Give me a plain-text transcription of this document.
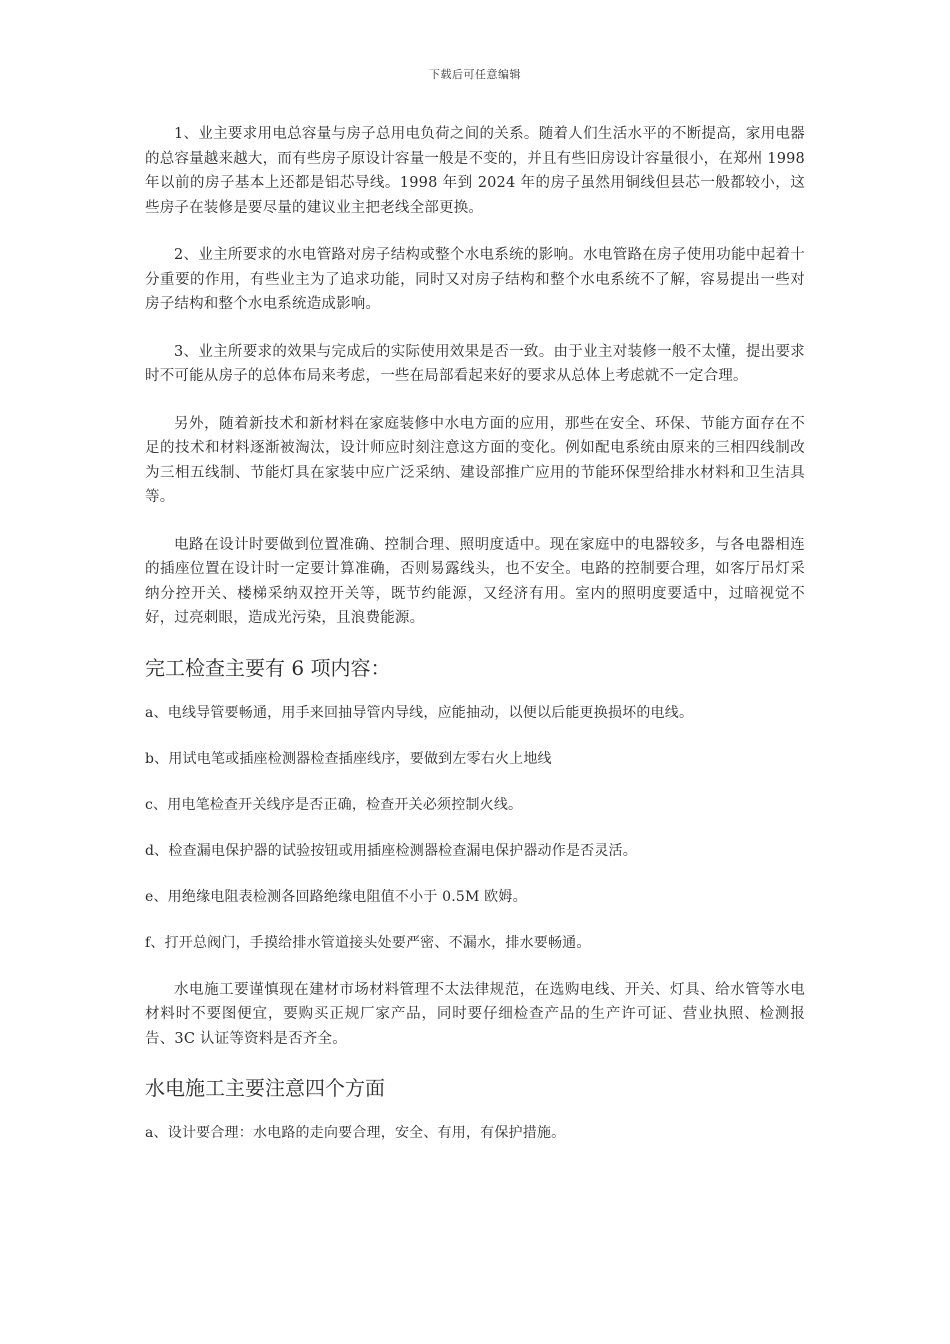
下载后可任意编辑

1、业主要求用电总容量与房子总用电负荷之间的关系。随着人们生活水平的不断提高，家用电器的总容量越来越大，而有些房子原设计容量一般是不变的，并且有些旧房设计容量很小，在郑州 1998 年以前的房子基本上还都是铝芯导线。1998 年到 2024 年的房子虽然用铜线但县芯一般都较小，这些房子在装修是要尽量的建议业主把老线全部更换。

2、业主所要求的水电管路对房子结构或整个水电系统的影响。水电管路在房子使用功能中起着十分重要的作用，有些业主为了追求功能，同时又对房子结构和整个水电系统不了解，容易提出一些对房子结构和整个水电系统造成影响。

3、业主所要求的效果与完成后的实际使用效果是否一致。由于业主对装修一般不太懂，提出要求时不可能从房子的总体布局来考虑，一些在局部看起来好的要求从总体上考虑就不一定合理。

另外，随着新技术和新材料在家庭装修中水电方面的应用，那些在安全、环保、节能方面存在不足的技术和材料逐渐被淘汰，设计师应时刻注意这方面的变化。例如配电系统由原来的三相四线制改为三相五线制、节能灯具在家装中应广泛采纳、建设部推广应用的节能环保型给排水材料和卫生洁具等。

电路在设计时要做到位置准确、控制合理、照明度适中。现在家庭中的电器较多，与各电器相连的插座位置在设计时一定要计算准确，否则易露线头，也不安全。电路的控制要合理，如客厅吊灯采纳分控开关、楼梯采纳双控开关等，既节约能源，又经济有用。室内的照明度要适中，过暗视觉不好，过亮刺眼，造成光污染，且浪费能源。

完工检查主要有 6 项内容：

a、电线导管要畅通，用手来回抽导管内导线，应能抽动，以便以后能更换损坏的电线。

b、用试电笔或插座检测器检查插座线序，要做到左零右火上地线

c、用电笔检查开关线序是否正确，检查开关必须控制火线。

d、检查漏电保护器的试验按钮或用插座检测器检查漏电保护器动作是否灵活。

e、用绝缘电阻表检测各回路绝缘电阻值不小于 0.5M 欧姆。

f、打开总阀门，手摸给排水管道接头处要严密、不漏水，排水要畅通。

水电施工要谨慎现在建材市场材料管理不太法律规范，在选购电线、开关、灯具、给水管等水电材料时不要图便宜，要购买正规厂家产品，同时要仔细检查产品的生产许可证、营业执照、检测报告、3C 认证等资料是否齐全。

水电施工主要注意四个方面

a、设计要合理：水电路的走向要合理，安全、有用，有保护措施。
